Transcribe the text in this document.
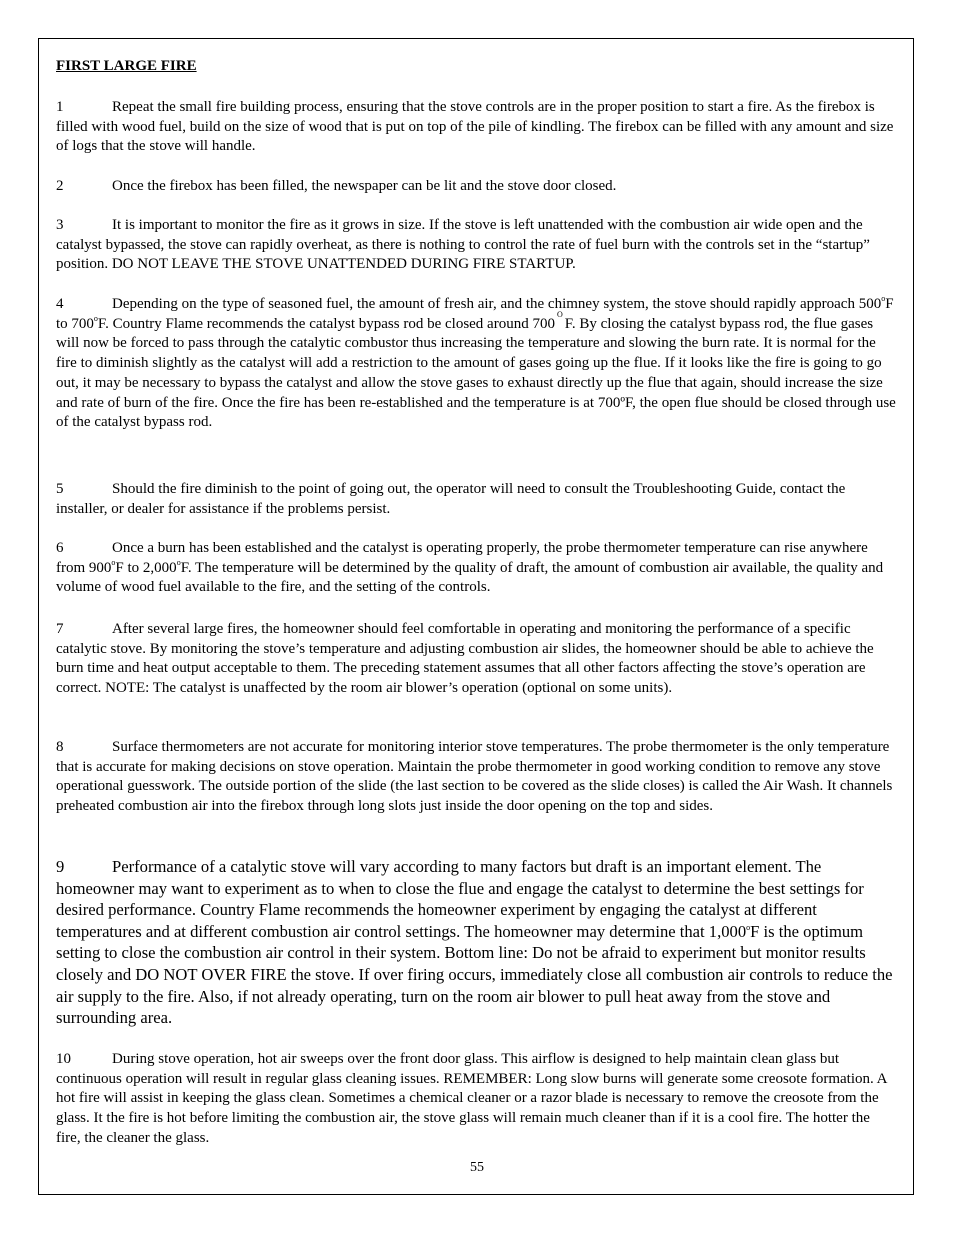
FIRST LARGE FIRE

1	Repeat the small fire building process, ensuring that the stove controls are in the proper position to start a fire. As the firebox is filled with wood fuel, build on the size of wood that is put on top of the pile of kindling. The firebox can be filled with any amount and size of logs that the stove will handle.

2	Once the firebox has been filled, the newspaper can be lit and the stove door closed.

3	It is important to monitor the fire as it grows in size. If the stove is left unattended with the combustion air wide open and the catalyst bypassed, the stove can rapidly overheat, as there is nothing to control the rate of fuel burn with the controls set in the “startup” position. DO NOT LEAVE THE STOVE UNATTENDED DURING FIRE STARTUP.

4	Depending on the type of seasoned fuel, the amount of fresh air, and the chimney system, the stove should rapidly approach 500$^o$F to 700$^o$F. Country Flame recommends the catalyst bypass rod be closed around $700^OF$. By closing the catalyst bypass rod, the flue gases will now be forced to pass through the catalytic combustor thus increasing the temperature and slowing the burn rate. It is normal for the fire to diminish slightly as the catalyst will add a restriction to the amount of gases going up the flue. If it looks like the fire is going to go out, it may be necessary to bypass the catalyst and allow the stove gases to exhaust directly up the flue that again, should increase the size and rate of burn of the fire. Once the fire has been re-established and the temperature is at 700ºF, the open flue should be closed through use of the catalyst bypass rod.

5	Should the fire diminish to the point of going out, the operator will need to consult the Troubleshooting Guide, contact the installer, or dealer for assistance if the problems persist.

6	Once a burn has been established and the catalyst is operating properly, the probe thermometer temperature can rise anywhere from 900$^o$F to 2,000$^o$F. The temperature will be determined by the quality of draft, the amount of combustion air available, the quality and volume of wood fuel available to the fire, and the setting of the controls.

7	After several large fires, the homeowner should feel comfortable in operating and monitoring the performance of a specific catalytic stove. By monitoring the stove’s temperature and adjusting combustion air slides, the homeowner should be able to achieve the burn time and heat output acceptable to them. The preceding statement assumes that all other factors affecting the stove’s operation are correct. NOTE: The catalyst is unaffected by the room air blower’s operation (optional on some units).

8	Surface thermometers are not accurate for monitoring interior stove temperatures. The probe thermometer is the only temperature that is accurate for making decisions on stove operation. Maintain the probe thermometer in good working condition to remove any stove operational guesswork. The outside portion of the slide (the last section to be covered as the slide closes) is called the Air Wash. It channels preheated combustion air into the firebox through long slots just inside the door opening on the top and sides.

9	Performance of a catalytic stove will vary according to many factors but draft is an important element. The homeowner may want to experiment as to when to close the flue and engage the catalyst to determine the best settings for desired performance. Country Flame recommends the homeowner experiment by engaging the catalyst at different temperatures and at different combustion air control settings. The homeowner may determine that 1,000$^o$F is the optimum setting to close the combustion air control in their system. Bottom line: Do not be afraid to experiment but monitor results closely and DO NOT OVER FIRE the stove. If over firing occurs, immediately close all combustion air controls to reduce the air supply to the fire. Also, if not already operating, turn on the room air blower to pull heat away from the stove and surrounding area.

10	During stove operation, hot air sweeps over the front door glass. This airflow is designed to help maintain clean glass but continuous operation will result in regular glass cleaning issues. REMEMBER: Long slow burns will generate some creosote formation. A hot fire will assist in keeping the glass clean. Sometimes a chemical cleaner or a razor blade is necessary to remove the creosote from the glass. It the fire is hot before limiting the combustion air, the stove glass will remain much cleaner than if it is a cool fire. The hotter the fire, the cleaner the glass.

55
